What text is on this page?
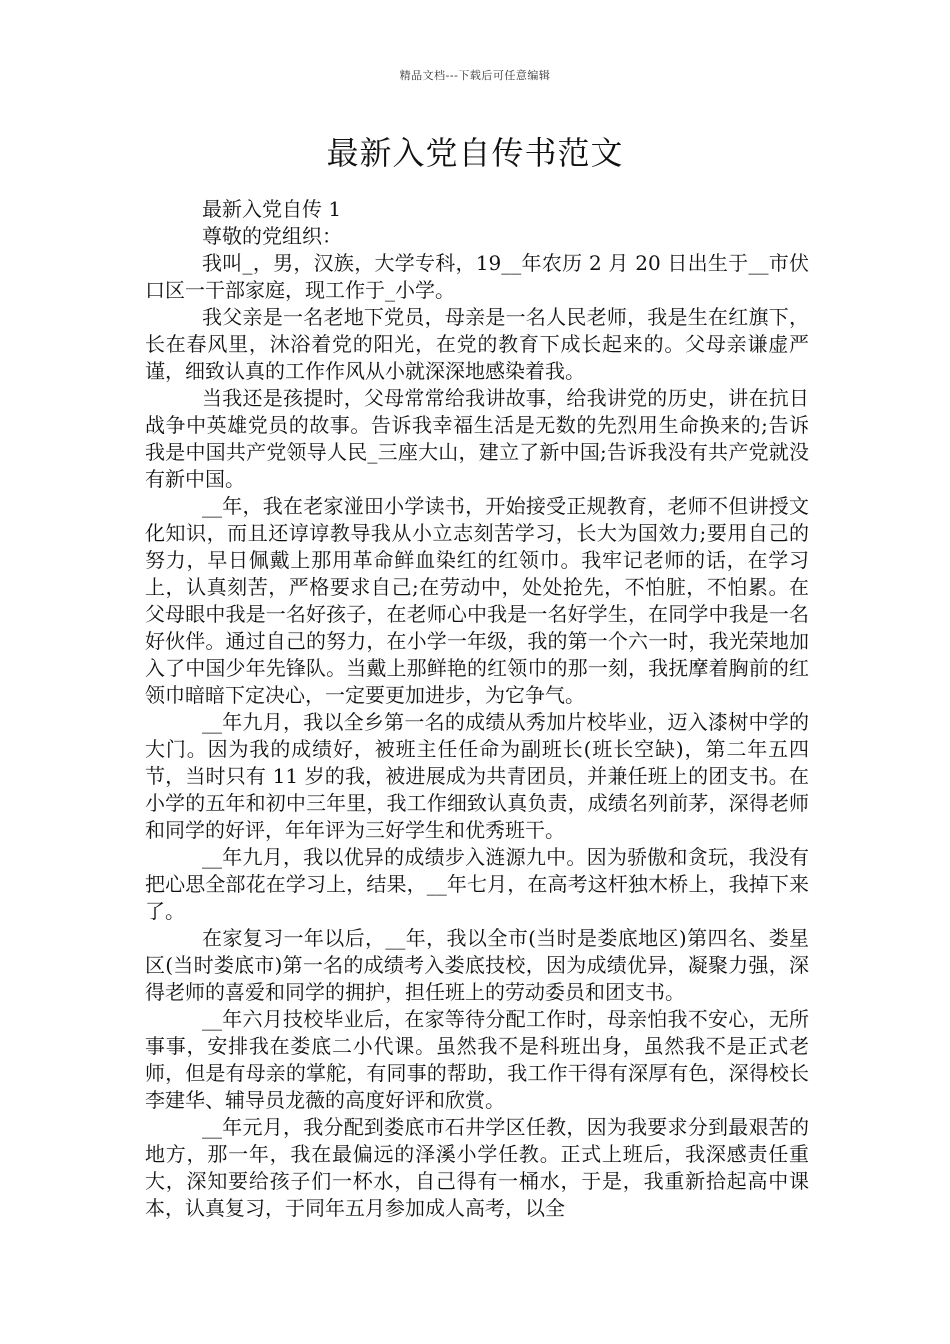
精品文档---下载后可任意编辑
最新入党自传书范文

最新入党自传 1

尊敬的党组织：

我叫_，男，汉族，大学专科，19__年农历 2 月 20 日出生于__市伏口区一干部家庭，现工作于_小学。

我父亲是一名老地下党员，母亲是一名人民老师，我是生在红旗下，长在春风里，沐浴着党的阳光，在党的教育下成长起来的。父母亲谦虚严谨，细致认真的工作作风从小就深深地感染着我。

当我还是孩提时，父母常常给我讲故事，给我讲党的历史，讲在抗日战争中英雄党员的故事。告诉我幸福生活是无数的先烈用生命换来的;告诉我是中国共产党领导人民_三座大山，建立了新中国;告诉我没有共产党就没有新中国。

__年，我在老家湴田小学读书，开始接受正规教育，老师不但讲授文化知识，而且还谆谆教导我从小立志刻苦学习，长大为国效力;要用自己的努力，早日佩戴上那用革命鲜血染红的红领巾。我牢记老师的话，在学习上，认真刻苦，严格要求自己;在劳动中，处处抢先，不怕脏，不怕累。在父母眼中我是一名好孩子，在老师心中我是一名好学生，在同学中我是一名好伙伴。通过自己的努力，在小学一年级，我的第一个六一时，我光荣地加入了中国少年先锋队。当戴上那鲜艳的红领巾的那一刻，我抚摩着胸前的红领巾暗暗下定决心，一定要更加进步，为它争气。

__年九月，我以全乡第一名的成绩从秀加片校毕业，迈入漆树中学的大门。因为我的成绩好，被班主任任命为副班长(班长空缺)，第二年五四节，当时只有 11 岁的我，被进展成为共青团员，并兼任班上的团支书。在小学的五年和初中三年里，我工作细致认真负责，成绩名列前茅，深得老师和同学的好评，年年评为三好学生和优秀班干。

__年九月，我以优异的成绩步入涟源九中。因为骄傲和贪玩，我没有把心思全部花在学习上，结果，__年七月，在高考这杆独木桥上，我掉下来了。

在家复习一年以后，__年，我以全市(当时是娄底地区)第四名、娄星区(当时娄底市)第一名的成绩考入娄底技校，因为成绩优异，凝聚力强，深得老师的喜爱和同学的拥护，担任班上的劳动委员和团支书。

__年六月技校毕业后，在家等待分配工作时，母亲怕我不安心，无所事事，安排我在娄底二小代课。虽然我不是科班出身，虽然我不是正式老师，但是有母亲的掌舵，有同事的帮助，我工作干得有深厚有色，深得校长李建华、辅导员龙薇的高度好评和欣赏。

__年元月，我分配到娄底市石井学区任教，因为我要求分到最艰苦的地方，那一年，我在最偏远的泽溪小学任教。正式上班后，我深感责任重大，深知要给孩子们一杯水，自己得有一桶水，于是，我重新拾起高中课本，认真复习，于同年五月参加成人高考，以全
